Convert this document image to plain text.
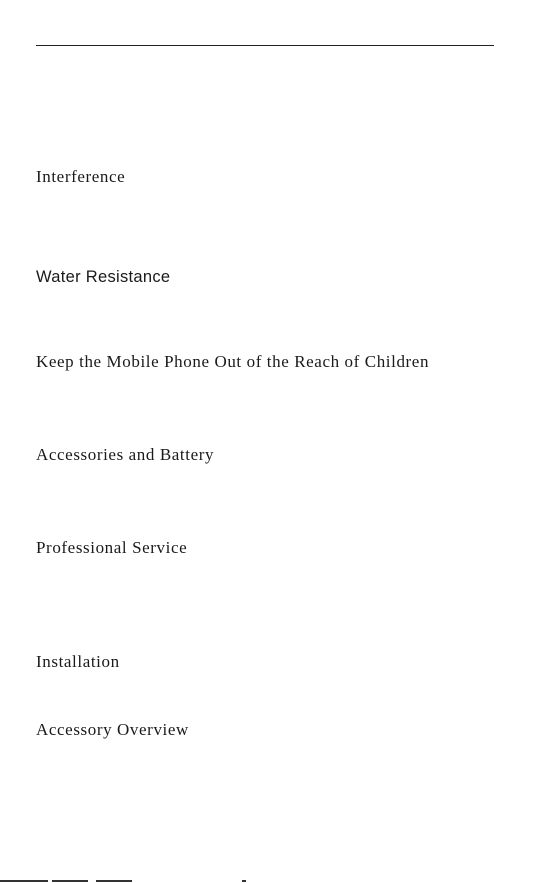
Interference
Water Resistance
Keep the Mobile Phone Out of the Reach of Children
Accessories and Battery
Professional Service
Installation
Accessory Overview
